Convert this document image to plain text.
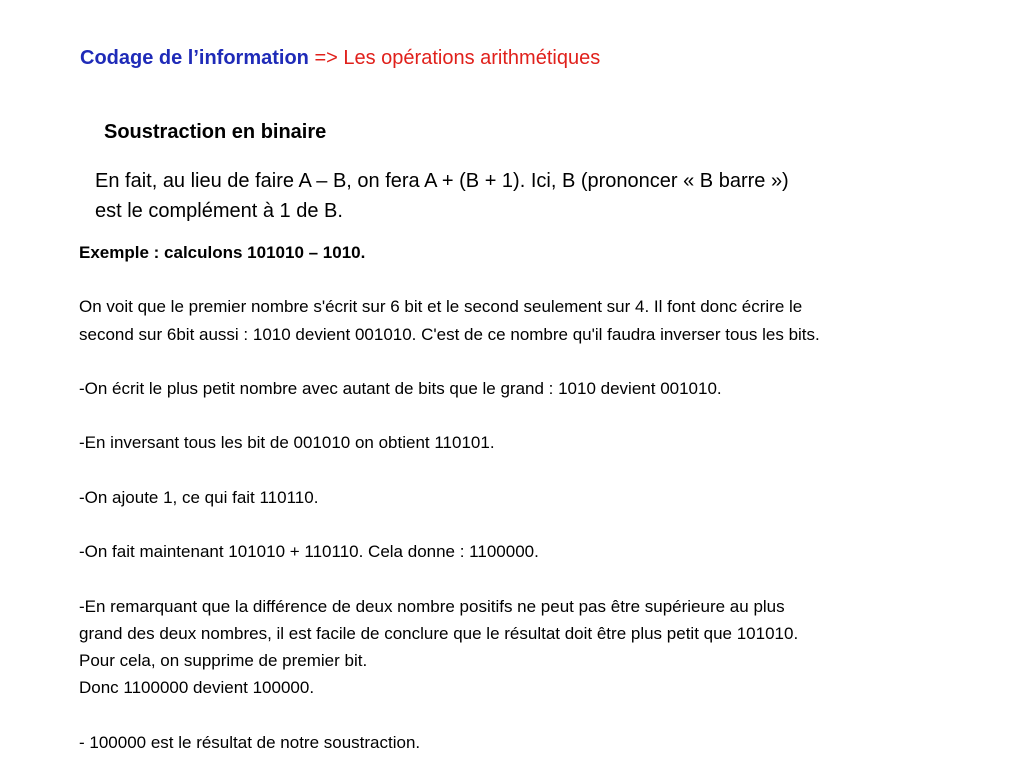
Codage de l’information => Les opérations arithmétiques
Soustraction en binaire

En fait, au lieu de faire A – B, on fera A + (B + 1). Ici, B (prononcer « B barre »)

est le complément à 1 de B.

Exemple : calculons 101010 – 1010.

On voit que le premier nombre s'écrit sur 6 bit et le second seulement sur 4. Il font donc écrire le

second sur 6bit aussi : 1010 devient 001010. C'est de ce nombre qu'il faudra inverser tous les bits.

-On écrit le plus petit nombre avec autant de bits que le grand : 1010 devient 001010.

-En inversant tous les bit de 001010 on obtient 110101.

-On ajoute 1, ce qui fait 110110.

-On fait maintenant 101010 + 110110. Cela donne : 1100000.

-En remarquant que la différence de deux nombre positifs ne peut pas être supérieure au plus

grand des deux nombres, il est facile de conclure que le résultat doit être plus petit que 101010.

Pour cela, on supprime de premier bit.

Donc 1100000 devient 100000.

- 100000 est le résultat de notre soustraction.
